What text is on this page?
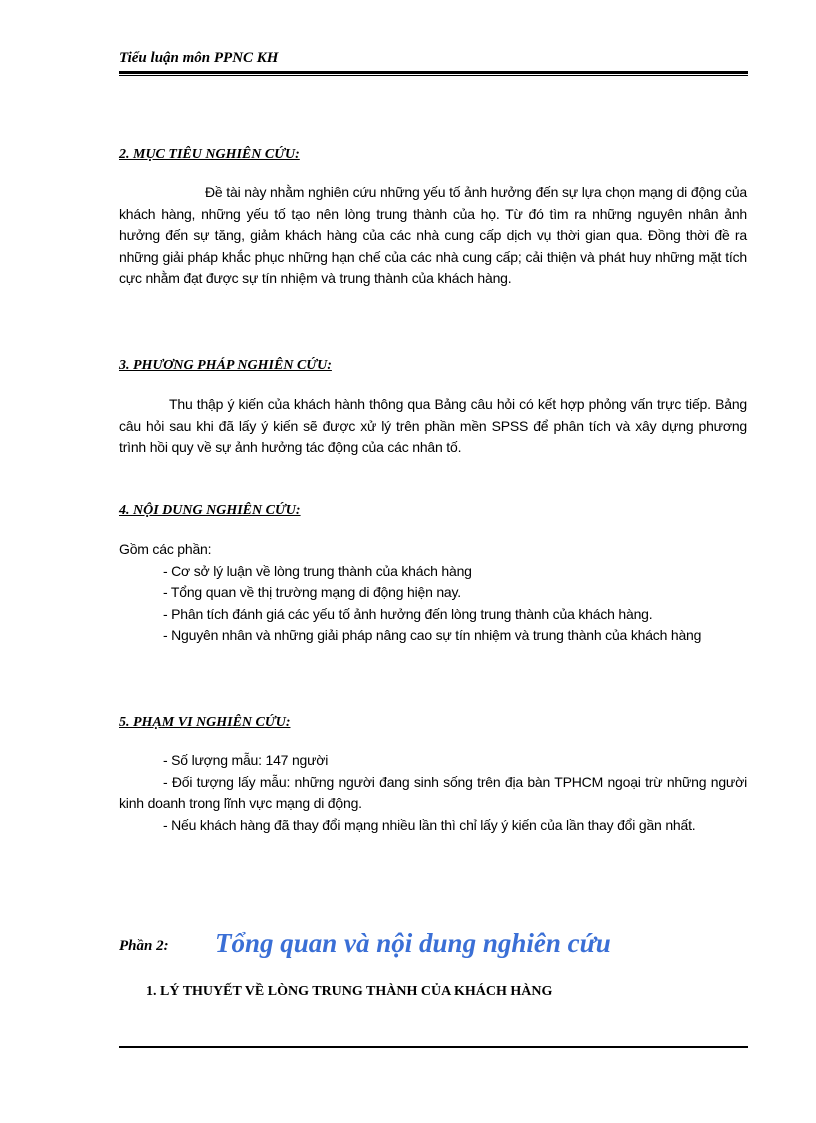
Tiểu luận môn PPNC KH
2. MỤC TIÊU NGHIÊN CỨU:

Đề tài này nhằm nghiên cứu những yếu tố ảnh hưởng đến sự lựa chọn mạng di động của khách hàng, những yếu tố tạo nên lòng trung thành của họ. Từ đó tìm ra những nguyên nhân ảnh hưởng đến sự tăng, giảm khách hàng của các nhà cung cấp dịch vụ thời gian qua. Đồng thời đề ra những giải pháp khắc phục những hạn chế của các nhà cung cấp; cải thiện và phát huy những mặt tích cực nhằm đạt được sự tín nhiệm và trung thành của khách hàng.

3. PHƯƠNG PHÁP NGHIÊN CỨU:

Thu thập ý kiến của khách hành thông qua Bảng câu hỏi có kết hợp phỏng vấn trực tiếp. Bảng câu hỏi sau khi đã lấy ý kiến sẽ được xử lý trên phần mền SPSS để phân tích và xây dựng phương trình hồi quy về sự ảnh hưởng tác động của các nhân tố.

4. NỘI DUNG NGHIÊN CỨU:

Gồm các phần:

- Cơ sở lý luận về lòng trung thành của khách hàng

- Tổng quan về thị trường mạng di động hiện nay.

- Phân tích đánh giá các yếu tố ảnh hưởng đến lòng trung thành của khách hàng.

- Nguyên nhân và những giải pháp nâng cao sự tín nhiệm và trung thành của khách hàng

5. PHẠM VI NGHIÊN CỨU:

- Số lượng mẫu: 147 người

- Đối tượng lấy mẫu: những người đang sinh sống trên địa bàn TPHCM ngoại trừ những người kinh doanh trong lĩnh vực mạng di động.

- Nếu khách hàng đã thay đổi mạng nhiều lần thì chỉ lấy ý kiến của lần thay đổi gần nhất.

Phần 2: Tổng quan và nội dung nghiên cứu
1. LÝ THUYẾT VỀ LÒNG TRUNG THÀNH CỦA KHÁCH HÀNG
